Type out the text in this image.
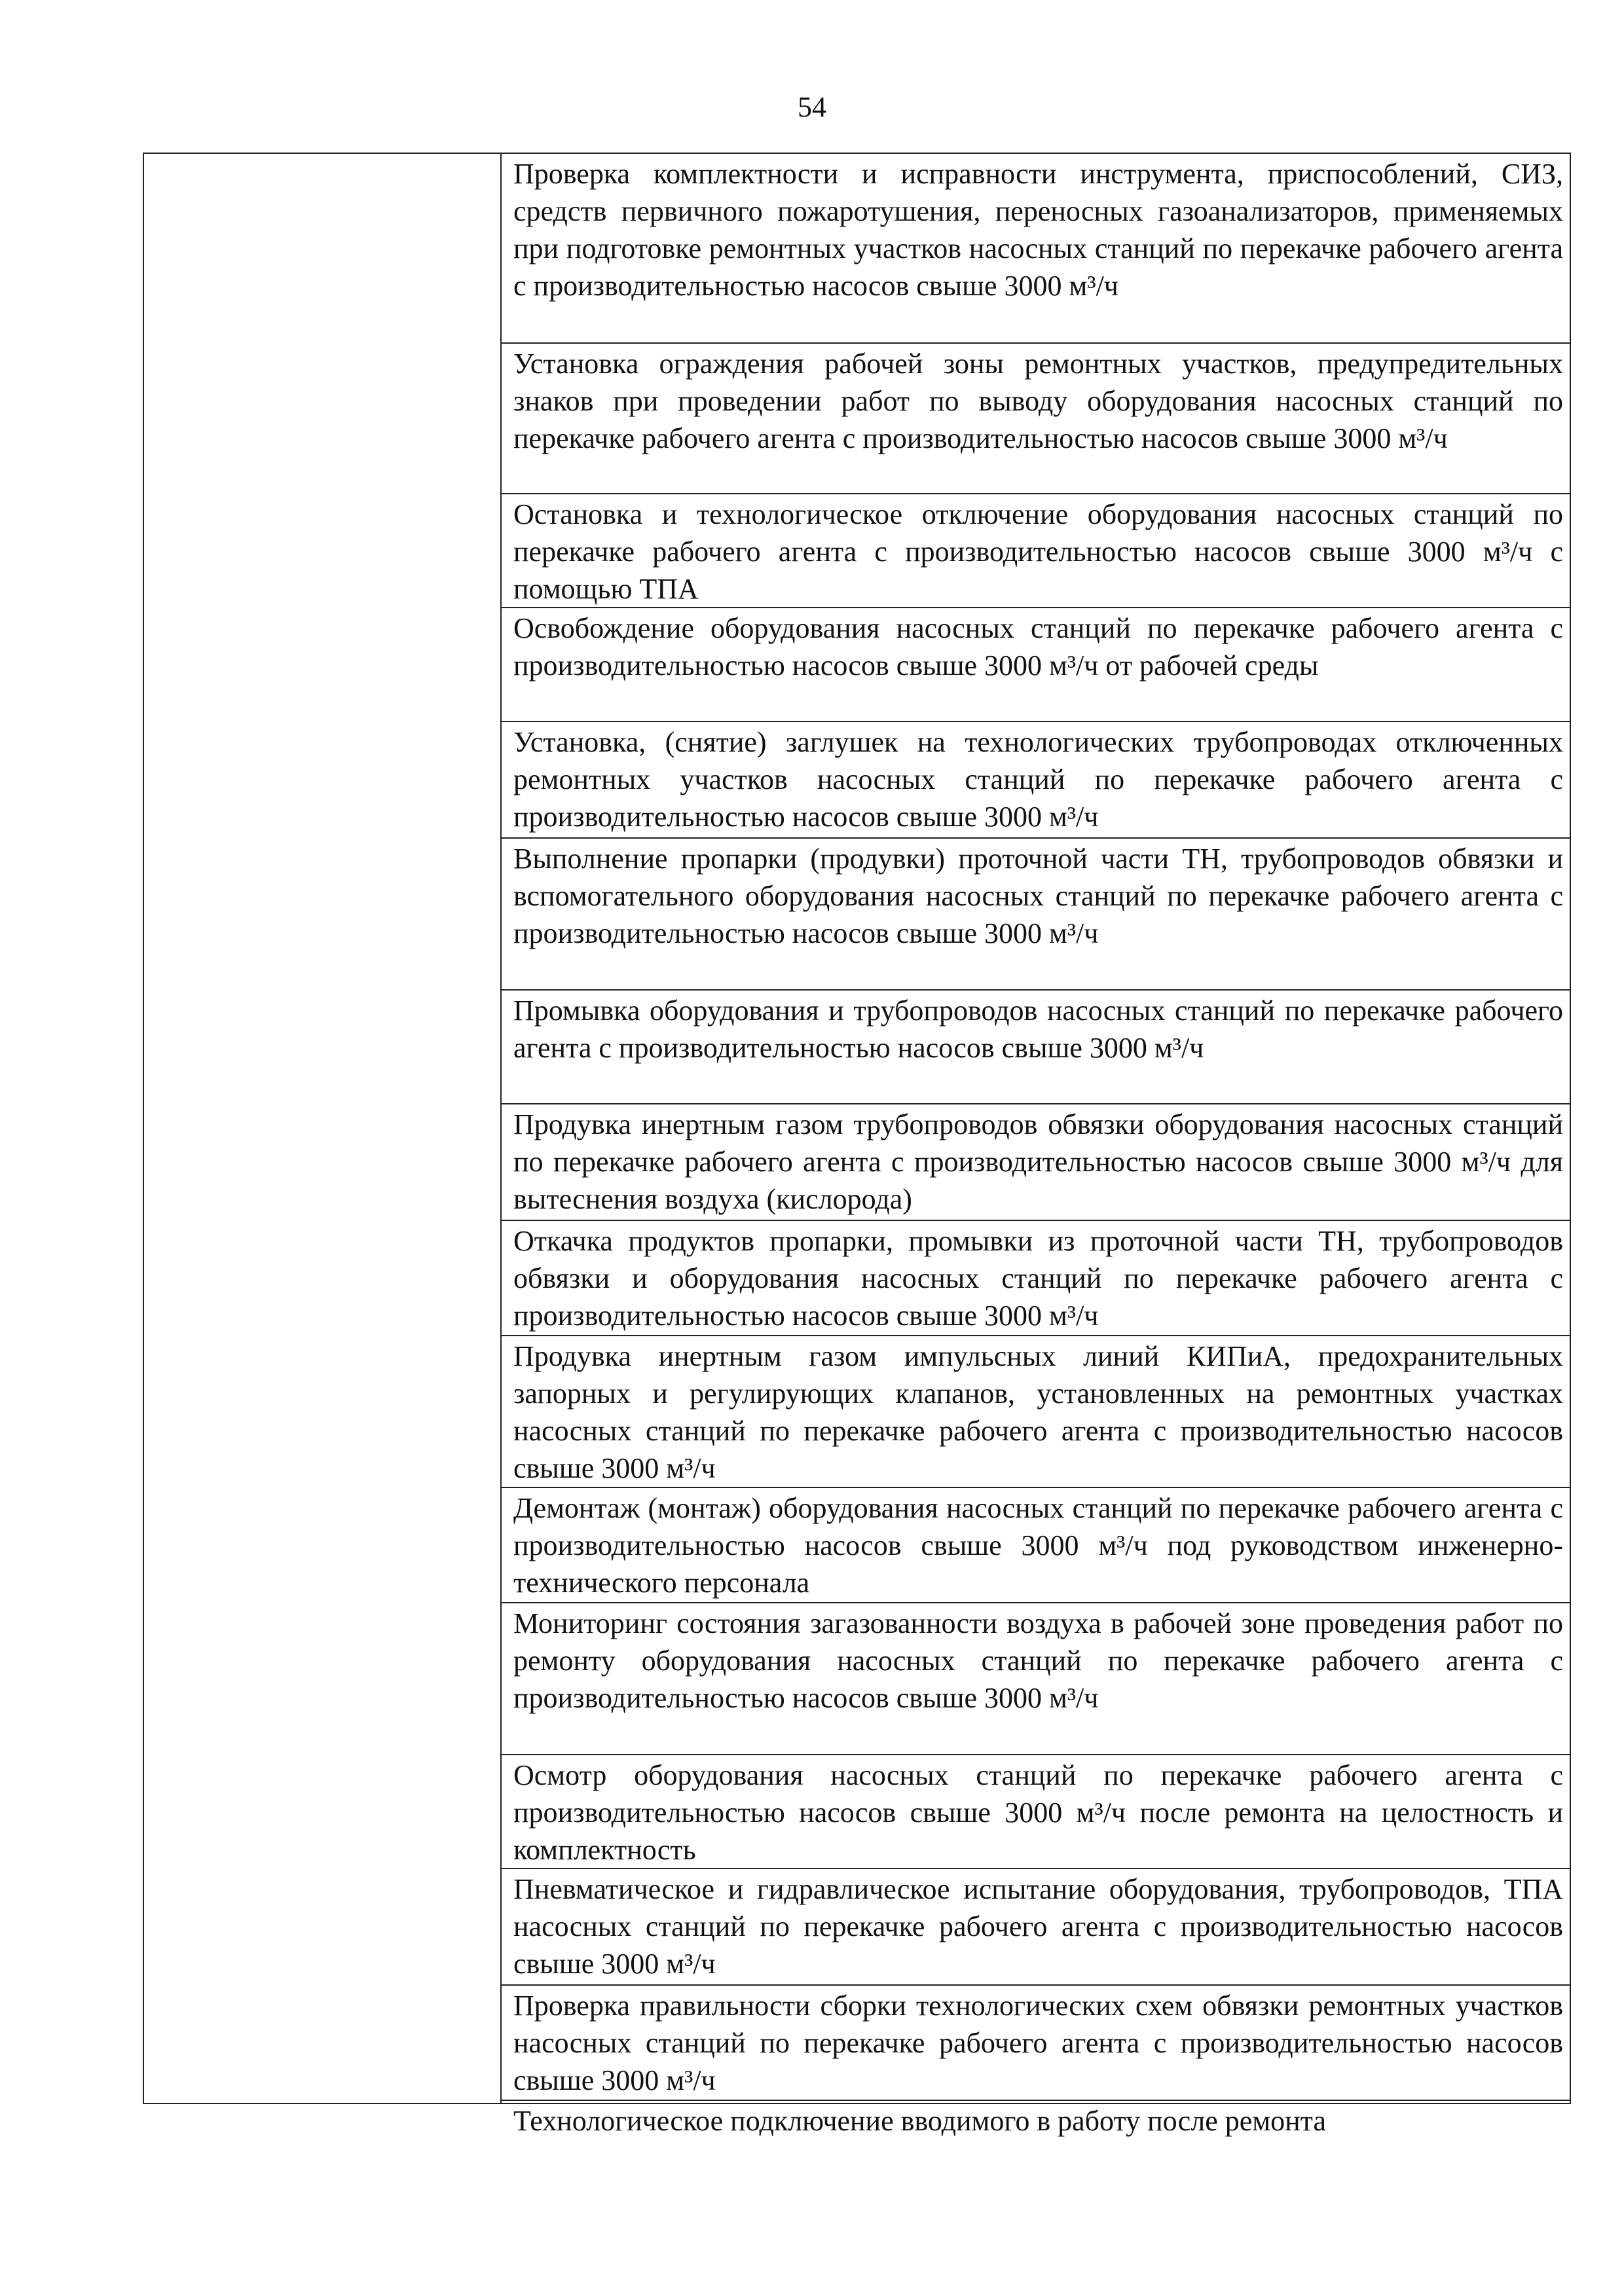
54
Проверка комплектности и исправности инструмента, приспособлений, СИЗ, средств первичного пожаротушения, переносных газоанализаторов, применяемых при подготовке ремонтных участков насосных станций по перекачке рабочего агента с производительностью насосов свыше 3000 м³/ч
Установка ограждения рабочей зоны ремонтных участков, предупредительных знаков при проведении работ по выводу оборудования насосных станций по перекачке рабочего агента с производительностью насосов свыше 3000 м³/ч
Остановка и технологическое отключение оборудования насосных станций по перекачке рабочего агента с производительностью насосов свыше 3000 м³/ч с помощью ТПА
Освобождение оборудования насосных станций по перекачке рабочего агента с производительностью насосов свыше 3000 м³/ч от рабочей среды
Установка, (снятие) заглушек на технологических трубопроводах отключенных ремонтных участков насосных станций по перекачке рабочего агента с производительностью насосов свыше 3000 м³/ч
Выполнение пропарки (продувки) проточной части ТН, трубопроводов обвязки и вспомогательного оборудования насосных станций по перекачке рабочего агента с производительностью насосов свыше 3000 м³/ч
Промывка оборудования и трубопроводов насосных станций по перекачке рабочего агента с производительностью насосов свыше 3000 м³/ч
Продувка инертным газом трубопроводов обвязки оборудования насосных станций по перекачке рабочего агента с производительностью насосов свыше 3000 м³/ч для вытеснения воздуха (кислорода)
Откачка продуктов пропарки, промывки из проточной части ТН, трубопроводов обвязки и оборудования насосных станций по перекачке рабочего агента с производительностью насосов свыше 3000 м³/ч
Продувка инертным газом импульсных линий КИПиА, предохранительных запорных и регулирующих клапанов, установленных на ремонтных участках насосных станций по перекачке рабочего агента с производительностью насосов свыше 3000 м³/ч
Демонтаж (монтаж) оборудования насосных станций по перекачке рабочего агента с производительностью насосов свыше 3000 м³/ч под руководством инженерно-технического персонала
Мониторинг состояния загазованности воздуха в рабочей зоне проведения работ по ремонту оборудования насосных станций по перекачке рабочего агента с производительностью насосов свыше 3000 м³/ч
Осмотр оборудования насосных станций по перекачке рабочего агента с производительностью насосов свыше 3000 м³/ч после ремонта на целостность и комплектность
Пневматическое и гидравлическое испытание оборудования, трубопроводов, ТПА насосных станций по перекачке рабочего агента с производительностью насосов свыше 3000 м³/ч
Проверка правильности сборки технологических схем обвязки ремонтных участков насосных станций по перекачке рабочего агента с производительностью насосов свыше 3000 м³/ч
Технологическое подключение вводимого в работу после ремонта
